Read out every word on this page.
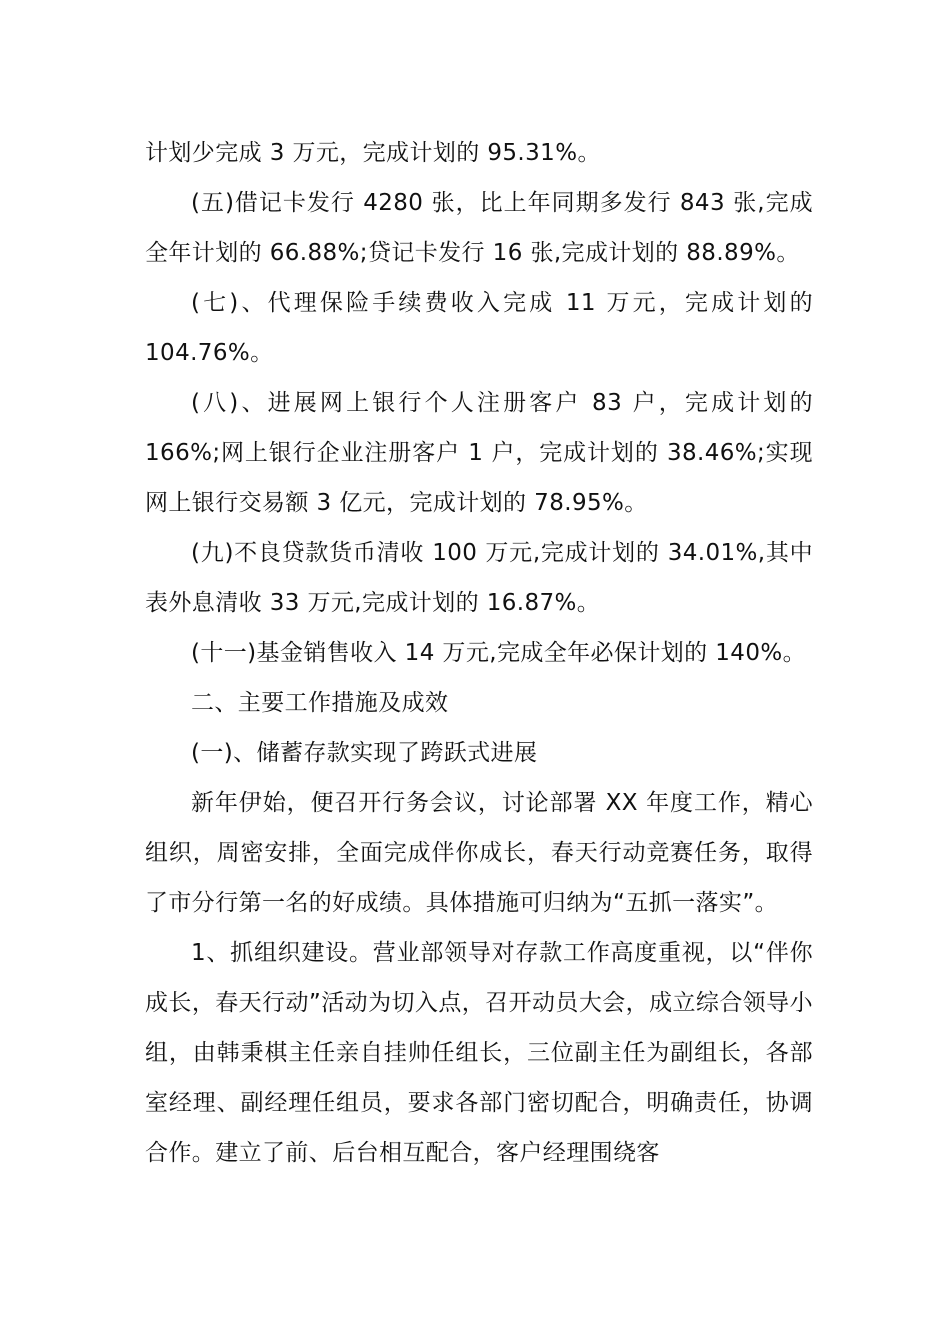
计划少完成 3 万元，完成计划的 95.31%。

(五)借记卡发行 4280 张，比上年同期多发行 843 张,完成全年计划的 66.88%;贷记卡发行 16 张,完成计划的 88.89%。

(七)、代理保险手续费收入完成 11 万元，完成计划的 104.76%。

(八)、进展网上银行个人注册客户 83 户，完成计划的 166%;网上银行企业注册客户 1 户，完成计划的 38.46%;实现网上银行交易额 3 亿元，完成计划的 78.95%。

(九)不良贷款货币清收 100 万元,完成计划的 34.01%,其中表外息清收 33 万元,完成计划的 16.87%。

(十一)基金销售收入 14 万元,完成全年必保计划的 140%。

二、主要工作措施及成效

(一)、储蓄存款实现了跨跃式进展

新年伊始，便召开行务会议，讨论部署 XX 年度工作，精心组织，周密安排，全面完成伴你成长，春天行动竞赛任务，取得了市分行第一名的好成绩。具体措施可归纳为“五抓一落实”。

1、抓组织建设。营业部领导对存款工作高度重视，以“伴你成长，春天行动”活动为切入点，召开动员大会，成立综合领导小组，由韩秉棋主任亲自挂帅任组长，三位副主任为副组长，各部室经理、副经理任组员，要求各部门密切配合，明确责任，协调合作。建立了前、后台相互配合，客户经理围绕客
